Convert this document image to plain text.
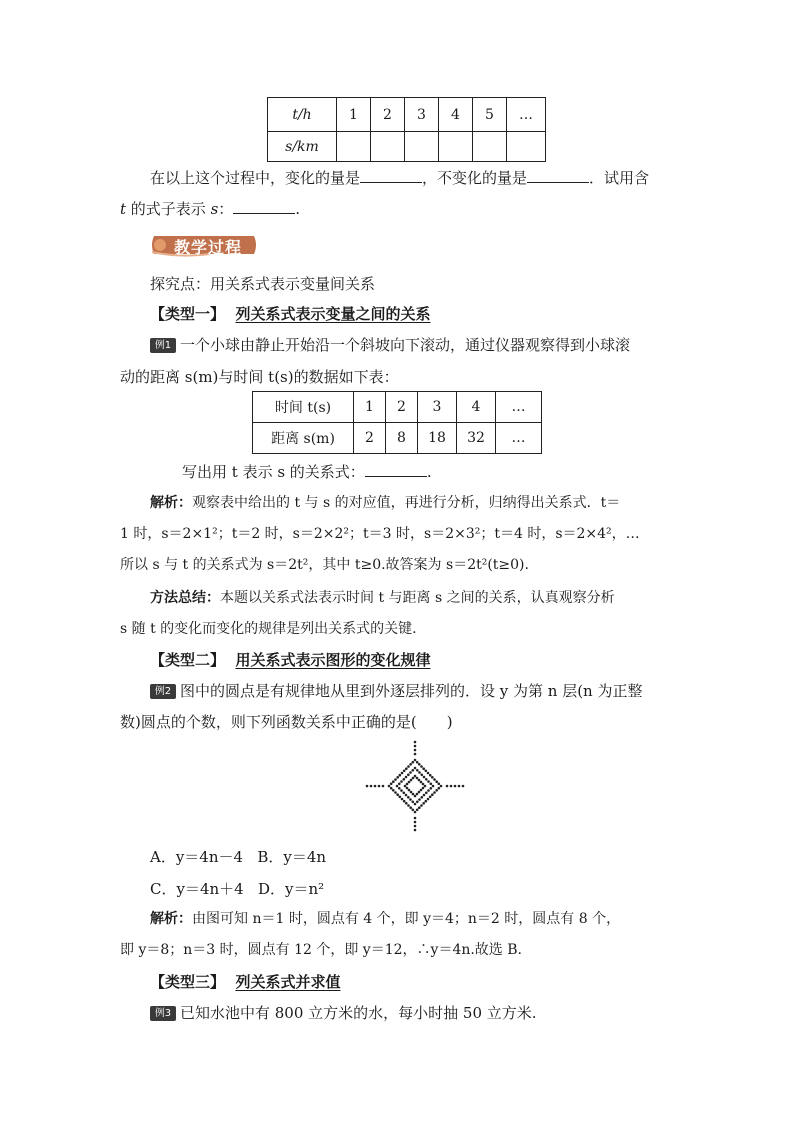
t/h	1	2	3	4	5	…
s/km						
在以上这个过程中，变化的量是	，不变化的量是	．试用含
t 的式子表示 s：	.
教学过程
探究点：用关系式表示变量间关系
【类型一】 列关系式表示变量之间的关系
例1 一个小球由静止开始沿一个斜坡向下滚动，通过仪器观察得到小球滚
动的距离 s(m)与时间 t(s)的数据如下表：
时间 t(s)	1	2	3	4	…
距离 s(m)	2	8	18	32	…
写出用 t 表示 s 的关系式：	.
解析：观察表中给出的 t 与 s 的对应值，再进行分析，归纳得出关系式．t＝
1 时，s＝2×1²；t＝2 时，s＝2×2²；t＝3 时，s＝2×3²；t＝4 时，s＝2×4²，…
所以 s 与 t 的关系式为 s＝2t²，其中 t≥0.故答案为 s＝2t²(t≥0).
方法总结：本题以关系式法表示时间 t 与距离 s 之间的关系，认真观察分析
s 随 t 的变化而变化的规律是列出关系式的关键.
【类型二】 用关系式表示图形的变化规律
例2 图中的圆点是有规律地从里到外逐层排列的．设 y 为第 n 层(n 为正整
数)圆点的个数，则下列函数关系中正确的是(　　)
A．y＝4n－4 B．y＝4n
C．y＝4n＋4 D．y＝n²
解析：由图可知 n＝1 时，圆点有 4 个，即 y＝4；n＝2 时，圆点有 8 个，
即 y＝8；n＝3 时，圆点有 12 个，即 y＝12，∴y＝4n.故选 B.
【类型三】 列关系式并求值
例3 已知水池中有 800 立方米的水，每小时抽 50 立方米.
